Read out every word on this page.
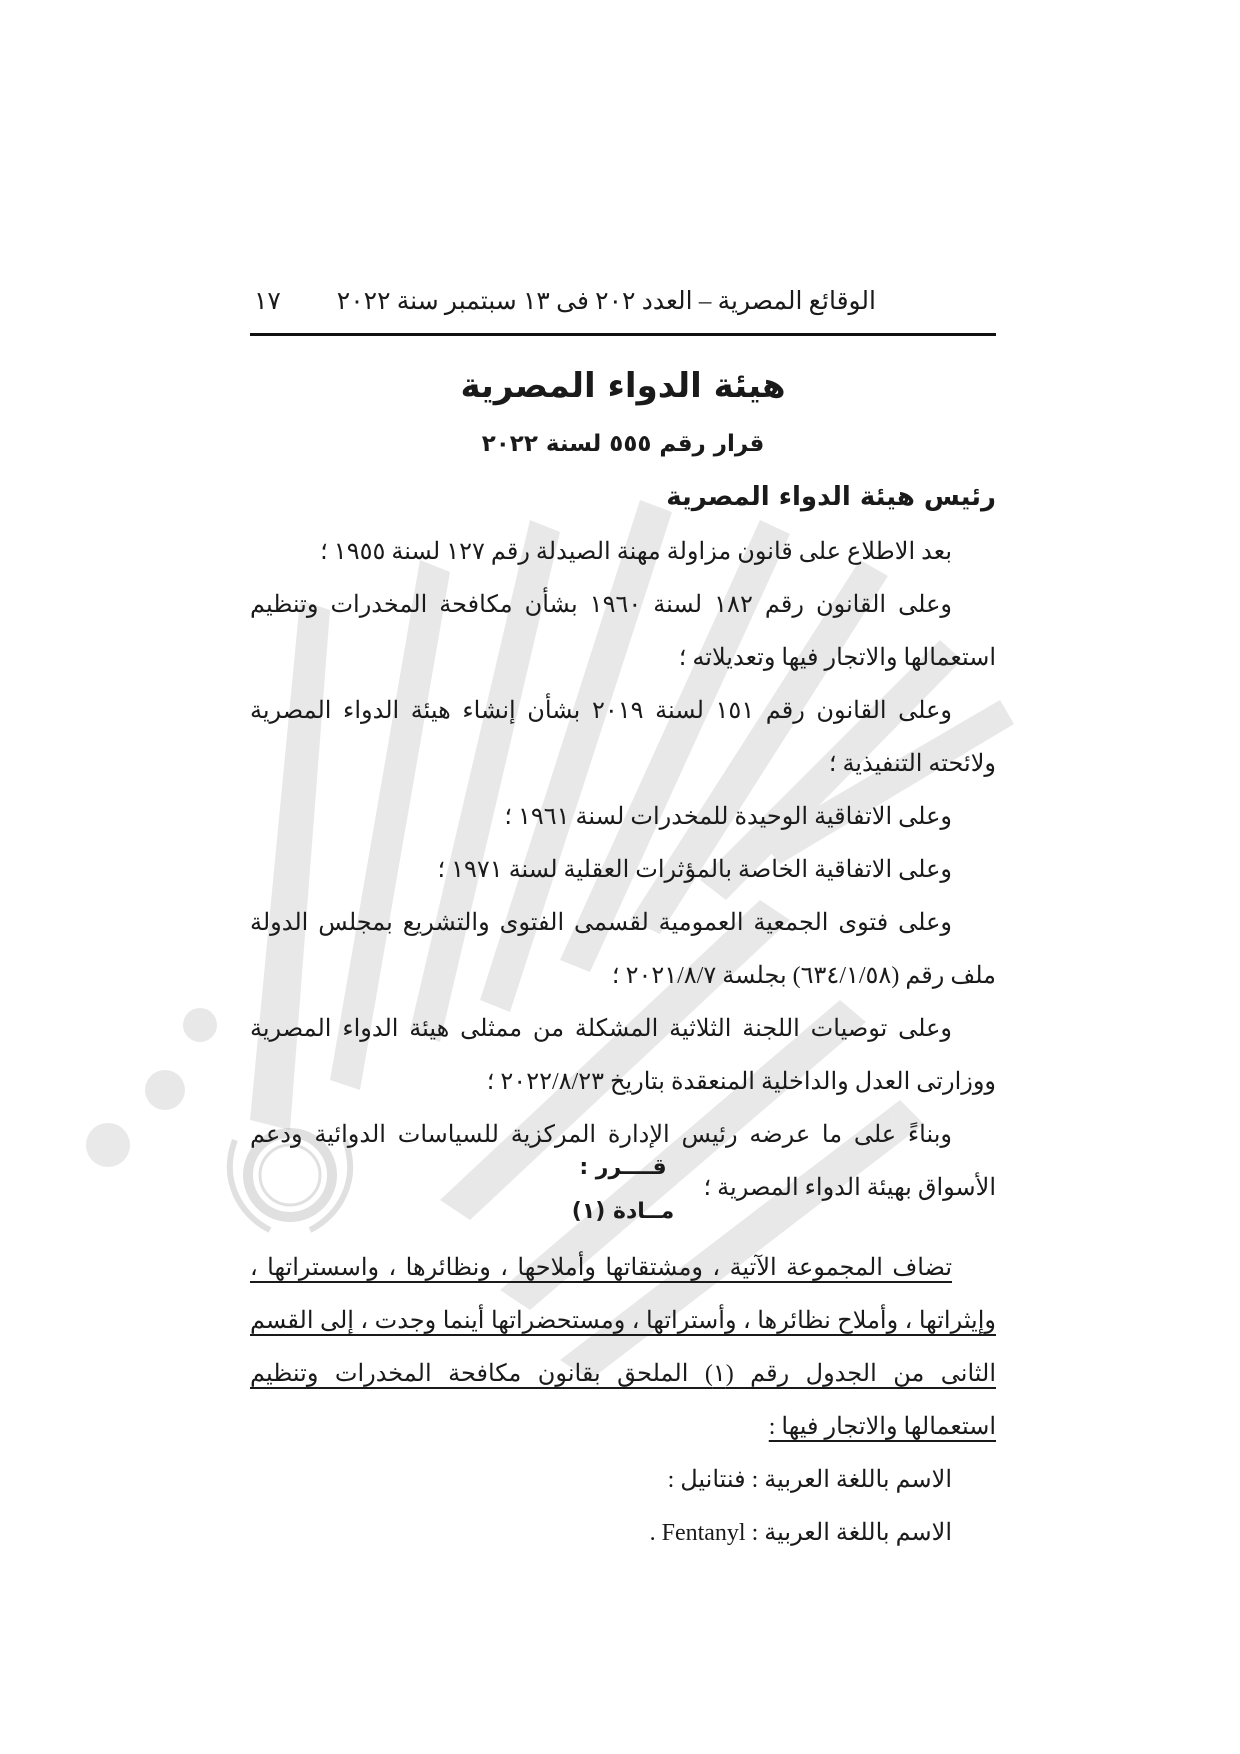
الوقائع المصرية – العدد ٢٠٢ فى ١٣ سبتمبر سنة ٢٠٢٢
١٧
هيئة الدواء المصرية
قرار رقم ٥٥٥ لسنة ٢٠٢٢
رئيس هيئة الدواء المصرية

بعد الاطلاع على قانون مزاولة مهنة الصيدلة رقم ١٢٧ لسنة ١٩٥٥ ؛

وعلى القانون رقم ١٨٢ لسنة ١٩٦٠ بشأن مكافحة المخدرات وتنظيم استعمالها والاتجار فيها وتعديلاته ؛

وعلى القانون رقم ١٥١ لسنة ٢٠١٩ بشأن إنشاء هيئة الدواء المصرية ولائحته التنفيذية ؛

وعلى الاتفاقية الوحيدة للمخدرات لسنة ١٩٦١ ؛

وعلى الاتفاقية الخاصة بالمؤثرات العقلية لسنة ١٩٧١ ؛

وعلى فتوى الجمعية العمومية لقسمى الفتوى والتشريع بمجلس الدولة ملف رقم (٦٣٤/١/٥٨) بجلسة ٢٠٢١/٨/٧ ؛

وعلى توصيات اللجنة الثلاثية المشكلة من ممثلى هيئة الدواء المصرية ووزارتى العدل والداخلية المنعقدة بتاريخ ٢٠٢٢/٨/٢٣ ؛

وبناءً على ما عرضه رئيس الإدارة المركزية للسياسات الدوائية ودعم الأسواق بهيئة الدواء المصرية ؛

قــــرر :
مــادة (١)

تضاف المجموعة الآتية ، ومشتقاتها وأملاحها ، ونظائرها ، واسستراتها ، وإيثراتها ، وأملاح نظائرها ، وأستراتها ، ومستحضراتها أينما وجدت ، إلى القسم الثانى من الجدول رقم (١) الملحق بقانون مكافحة المخدرات وتنظيم استعمالها والاتجار فيها :

الاسم باللغة العربية : فنتانيل :

الاسم باللغة العربية : Fentanyl .
